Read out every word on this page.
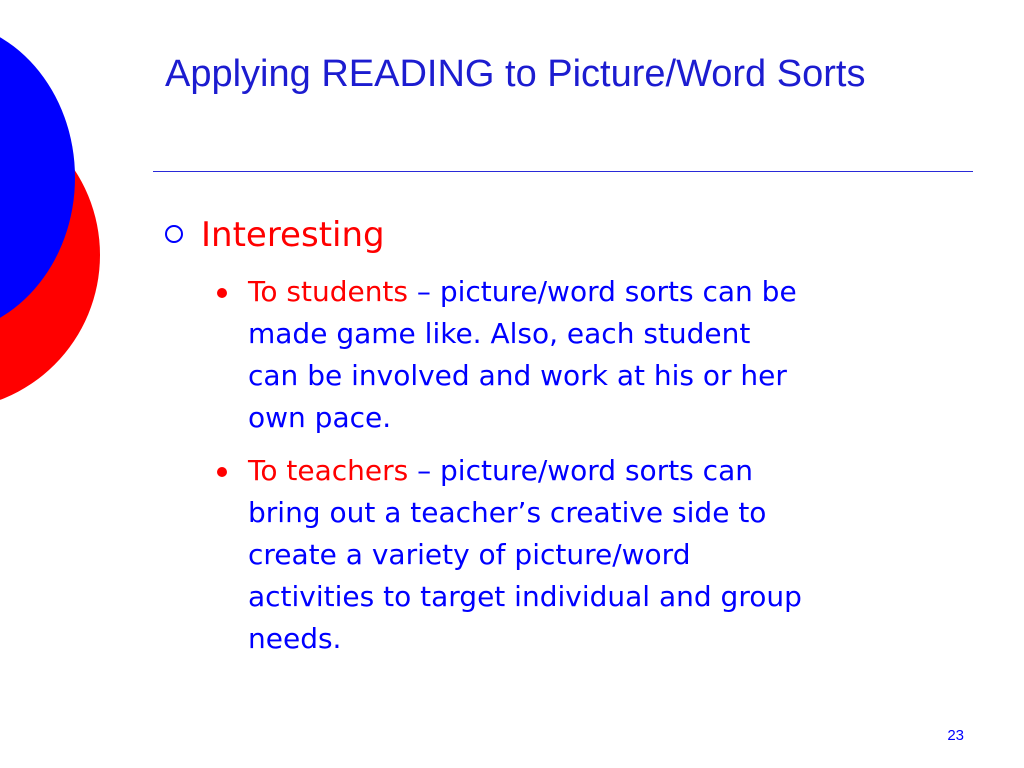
Applying READING to Picture/Word Sorts
Interesting
To students – picture/word sorts can be
made game like. Also, each student
can be involved and work at his or her
own pace.
To teachers – picture/word sorts can
bring out a teacher’s creative side to
create a variety of picture/word
activities to target individual and group
needs.
23
